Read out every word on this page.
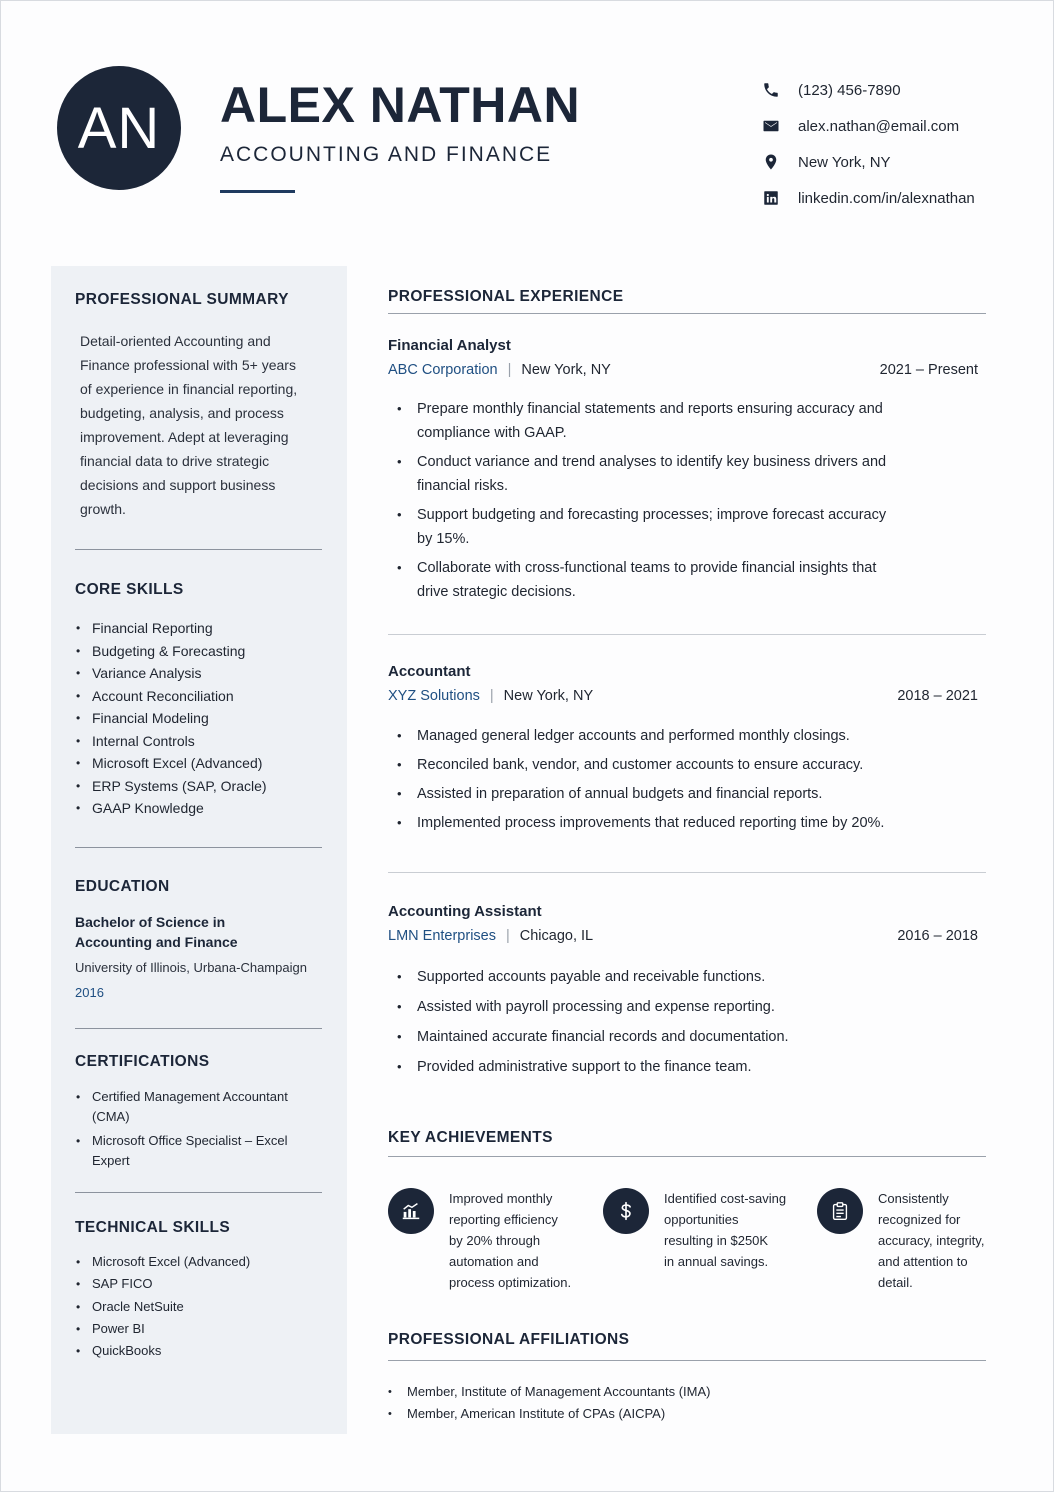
AN	ALEX NATHAN
ACCOUNTING AND FINANCE
(123) 456-7890
alex.nathan@email.com
New York, NY
linkedin.com/in/alexnathan
PROFESSIONAL SUMMARY
Detail-oriented Accounting and
Finance professional with 5+ years
of experience in financial reporting,
budgeting, analysis, and process
improvement. Adept at leveraging
financial data to drive strategic
decisions and support business
growth.
CORE SKILLS
• Financial Reporting
• Budgeting & Forecasting
• Variance Analysis
• Account Reconciliation
• Financial Modeling
• Internal Controls
• Microsoft Excel (Advanced)
• ERP Systems (SAP, Oracle)
• GAAP Knowledge
EDUCATION
Bachelor of Science in
Accounting and Finance
University of Illinois, Urbana-Champaign
2016
CERTIFICATIONS
• Certified Management Accountant
(CMA)
• Microsoft Office Specialist – Excel
Expert
TECHNICAL SKILLS
• Microsoft Excel (Advanced)
• SAP FICO
• Oracle NetSuite
• Power BI
• QuickBooks
PROFESSIONAL EXPERIENCE
Financial Analyst
ABC Corporation | New York, NY	2021 – Present
• Prepare monthly financial statements and reports ensuring accuracy and
compliance with GAAP.
• Conduct variance and trend analyses to identify key business drivers and
financial risks.
• Support budgeting and forecasting processes; improve forecast accuracy
by 15%.
• Collaborate with cross-functional teams to provide financial insights that
drive strategic decisions.
Accountant
XYZ Solutions | New York, NY	2018 – 2021
• Managed general ledger accounts and performed monthly closings.
• Reconciled bank, vendor, and customer accounts to ensure accuracy.
• Assisted in preparation of annual budgets and financial reports.
• Implemented process improvements that reduced reporting time by 20%.
Accounting Assistant
LMN Enterprises | Chicago, IL	2016 – 2018
• Supported accounts payable and receivable functions.
• Assisted with payroll processing and expense reporting.
• Maintained accurate financial records and documentation.
• Provided administrative support to the finance team.
KEY ACHIEVEMENTS
Improved monthly
reporting efficiency
by 20% through
automation and
process optimization.
Identified cost-saving
opportunities
resulting in $250K
in annual savings.
Consistently
recognized for
accuracy, integrity,
and attention to
detail.
PROFESSIONAL AFFILIATIONS
• Member, Institute of Management Accountants (IMA)
• Member, American Institute of CPAs (AICPA)
